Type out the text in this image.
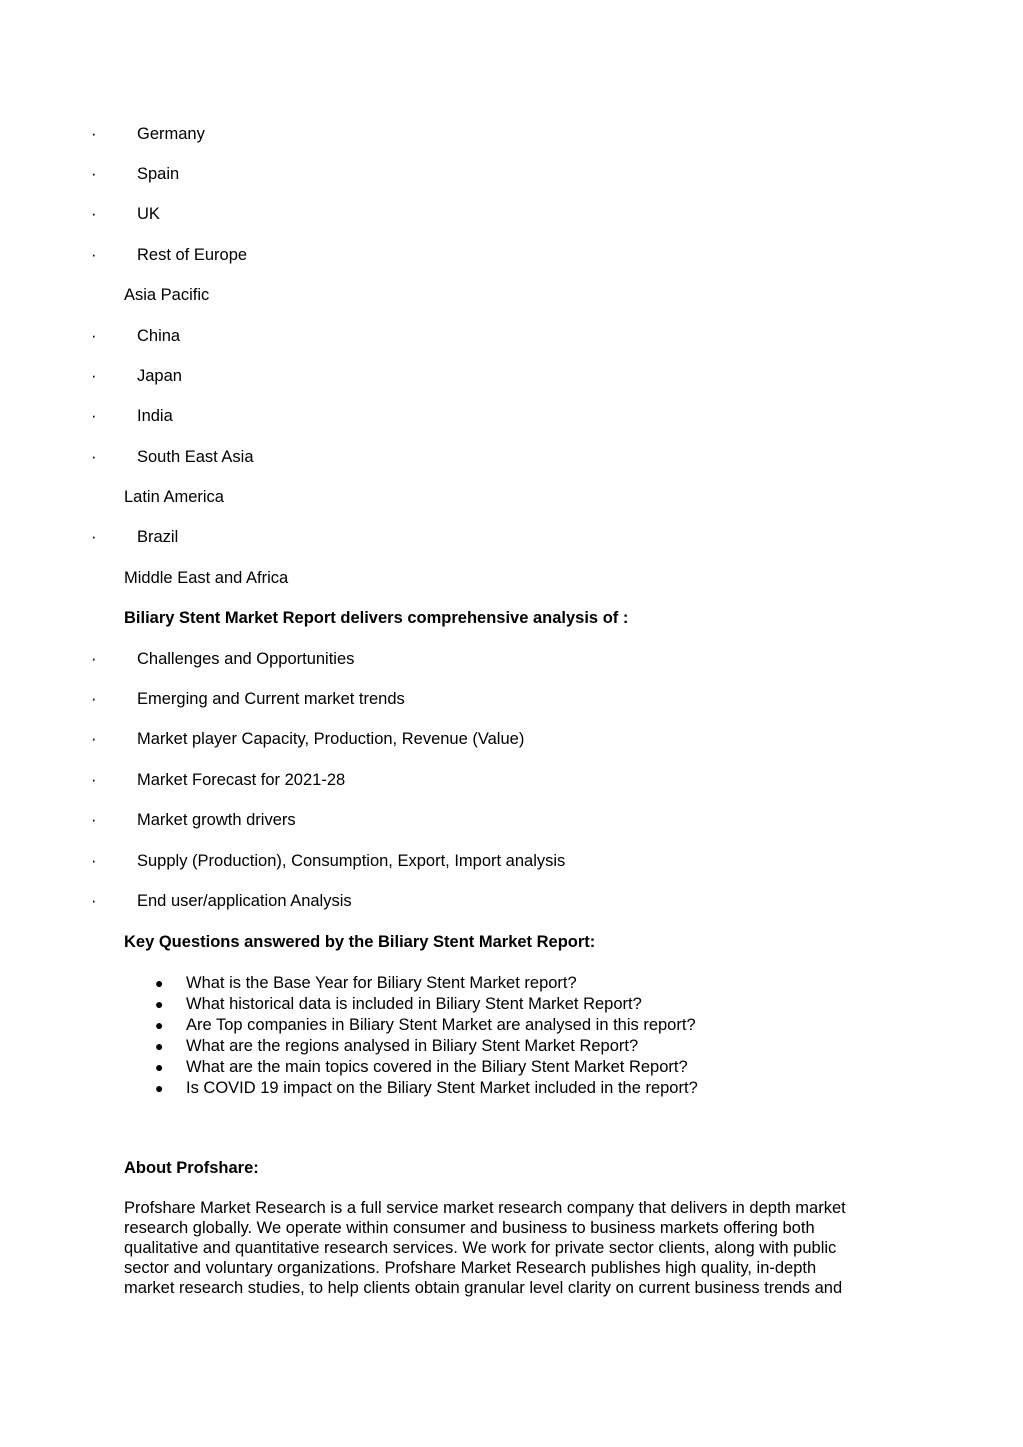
· Germany
· Spain
· UK
· Rest of Europe
Asia Pacific
· China
· Japan
· India
· South East Asia
Latin America
· Brazil
Middle East and Africa
Biliary Stent Market Report delivers comprehensive analysis of :
· Challenges and Opportunities
· Emerging and Current market trends
· Market player Capacity, Production, Revenue (Value)
· Market Forecast for 2021-28
· Market growth drivers
· Supply (Production), Consumption, Export, Import analysis
· End user/application Analysis
Key Questions answered by the Biliary Stent Market Report:
● What is the Base Year for Biliary Stent Market report?
● What historical data is included in Biliary Stent Market Report?
● Are Top companies in Biliary Stent Market are analysed in this report?
● What are the regions analysed in Biliary Stent Market Report?
● What are the main topics covered in the Biliary Stent Market Report?
● Is COVID 19 impact on the Biliary Stent Market included in the report?
About Profshare:
Profshare Market Research is a full service market research company that delivers in depth market
research globally. We operate within consumer and business to business markets offering both
qualitative and quantitative research services. We work for private sector clients, along with public
sector and voluntary organizations. Profshare Market Research publishes high quality, in-depth
market research studies, to help clients obtain granular level clarity on current business trends and
